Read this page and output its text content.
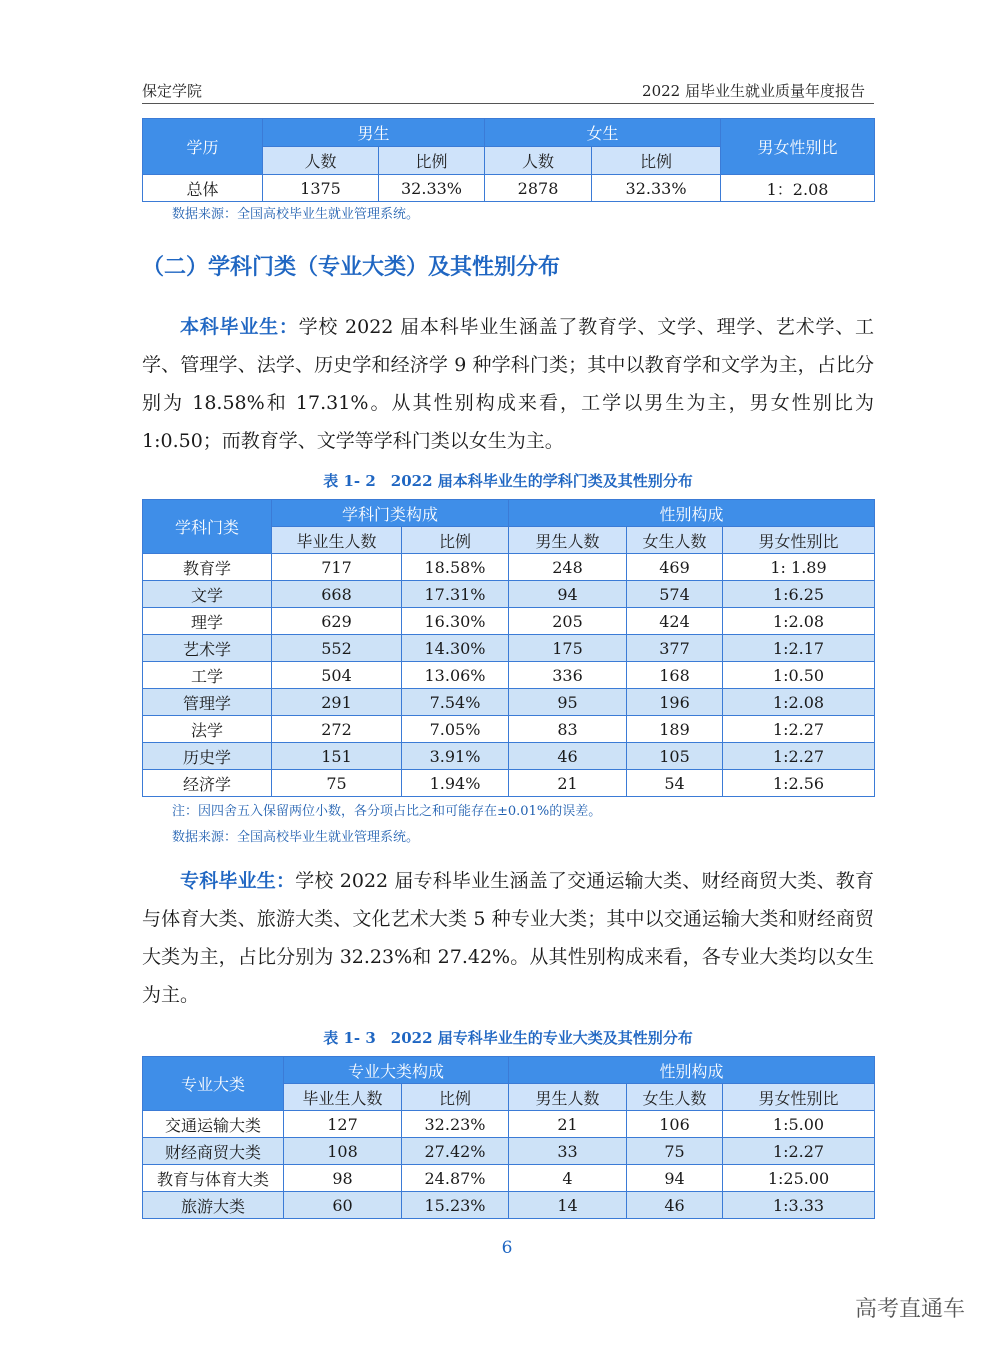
保定学院	2022 届毕业生就业质量年度报告
学历	男生		女生		男女性别比
	人数	比例	人数	比例	
总体	1375	32.33%	2878	32.33%	1：2.08
数据来源：全国高校毕业生就业管理系统。
（二）学科门类（专业大类）及其性别分布

本科毕业生：学校 2022 届本科毕业生涵盖了教育学、文学、理学、艺术学、工学、管理学、法学、历史学和经济学 9 种学科门类；其中以教育学和文学为主，占比分别为 18.58%和 17.31%。从其性别构成来看，工学以男生为主，男女性别比为 1:0.50；而教育学、文学等学科门类以女生为主。

表 1- 2　2022 届本科毕业生的学科门类及其性别分布
学科门类	学科门类构成		性别构成		
	毕业生人数	比例	男生人数	女生人数	男女性别比
教育学	717	18.58%	248	469	1: 1.89
文学	668	17.31%	94	574	1:6.25
理学	629	16.30%	205	424	1:2.08
艺术学	552	14.30%	175	377	1:2.17
工学	504	13.06%	336	168	1:0.50
管理学	291	7.54%	95	196	1:2.08
法学	272	7.05%	83	189	1:2.27
历史学	151	3.91%	46	105	1:2.27
经济学	75	1.94%	21	54	1:2.56
注：因四舍五入保留两位小数，各分项占比之和可能存在±0.01%的误差。
数据来源：全国高校毕业生就业管理系统。

专科毕业生：学校 2022 届专科毕业生涵盖了交通运输大类、财经商贸大类、教育与体育大类、旅游大类、文化艺术大类 5 种专业大类；其中以交通运输大类和财经商贸大类为主，占比分别为 32.23%和 27.42%。从其性别构成来看，各专业大类均以女生为主。

表 1- 3　2022 届专科毕业生的专业大类及其性别分布
专业大类	专业大类构成		性别构成		
	毕业生人数	比例	男生人数	女生人数	男女性别比
交通运输大类	127	32.23%	21	106	1:5.00
财经商贸大类	108	27.42%	33	75	1:2.27
教育与体育大类	98	24.87%	4	94	1:25.00
旅游大类	60	15.23%	14	46	1:3.33
6
高考直通车
